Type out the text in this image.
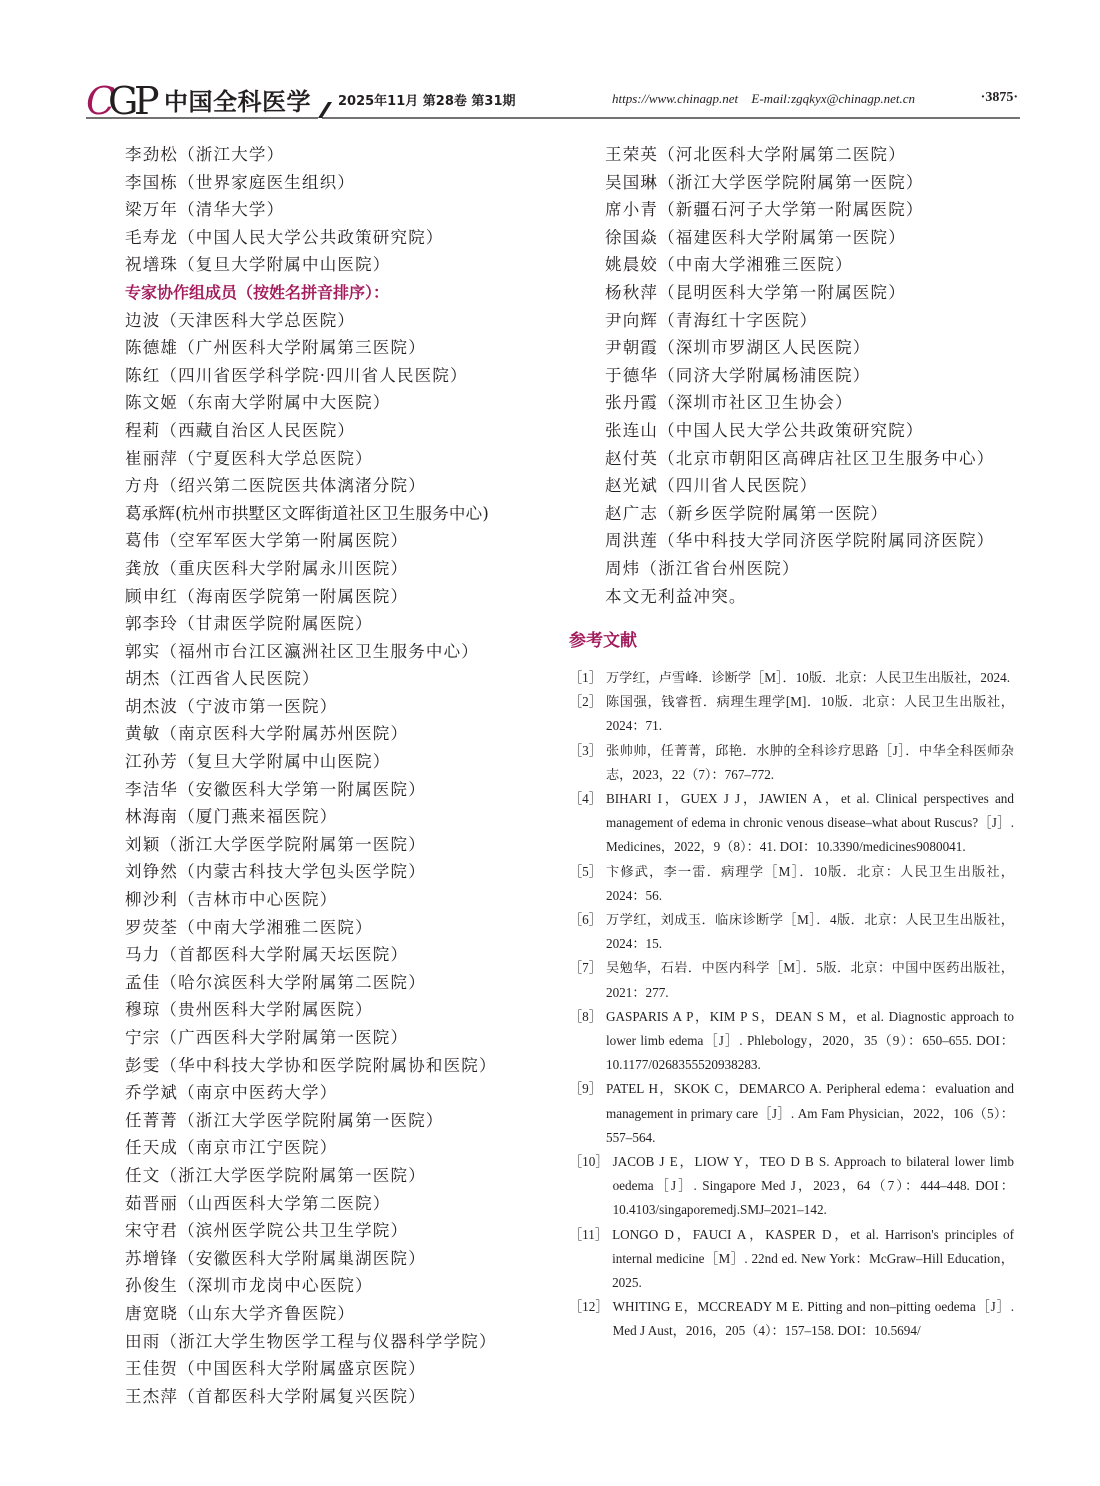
C
G
P 中国全科医学 2025年11月 第28卷 第31期	https://www.chinagp.net E-mail:zgqkyx@chinagp.net.cn	·3875·
李劲松（浙江大学）
李国栋（世界家庭医生组织）
梁万年（清华大学）
毛寿龙（中国人民大学公共政策研究院）
祝墡珠（复旦大学附属中山医院）
专家协作组成员（按姓名拼音排序）：
边波（天津医科大学总医院）
陈德雄（广州医科大学附属第三医院）
陈红（四川省医学科学院·四川省人民医院）
陈文姬（东南大学附属中大医院）
程莉（西藏自治区人民医院）
崔丽萍（宁夏医科大学总医院）
方舟（绍兴第二医院医共体漓渚分院）
葛承辉(杭州市拱墅区文晖街道社区卫生服务中心)
葛伟（空军军医大学第一附属医院）
龚放（重庆医科大学附属永川医院）
顾申红（海南医学院第一附属医院）
郭李玲（甘肃医学院附属医院）
郭实（福州市台江区瀛洲社区卫生服务中心）
胡杰（江西省人民医院）
胡杰波（宁波市第一医院）
黄敏（南京医科大学附属苏州医院）
江孙芳（复旦大学附属中山医院）
李洁华（安徽医科大学第一附属医院）
林海南（厦门燕来福医院）
刘颖（浙江大学医学院附属第一医院）
刘铮然（内蒙古科技大学包头医学院）
柳沙利（吉林市中心医院）
罗荧荃（中南大学湘雅二医院）
马力（首都医科大学附属天坛医院）
孟佳（哈尔滨医科大学附属第二医院）
穆琼（贵州医科大学附属医院）
宁宗（广西医科大学附属第一医院）
彭雯（华中科技大学协和医学院附属协和医院）
乔学斌（南京中医药大学）
任菁菁（浙江大学医学院附属第一医院）
任天成（南京市江宁医院）
任文（浙江大学医学院附属第一医院）
茹晋丽（山西医科大学第二医院）
宋守君（滨州医学院公共卫生学院）
苏增锋（安徽医科大学附属巢湖医院）
孙俊生（深圳市龙岗中心医院）
唐宽晓（山东大学齐鲁医院）
田雨（浙江大学生物医学工程与仪器科学学院）
王佳贺（中国医科大学附属盛京医院）
王杰萍（首都医科大学附属复兴医院）
王荣英（河北医科大学附属第二医院）
吴国琳（浙江大学医学院附属第一医院）
席小青（新疆石河子大学第一附属医院）
徐国焱（福建医科大学附属第一医院）
姚晨姣（中南大学湘雅三医院）
杨秋萍（昆明医科大学第一附属医院）
尹向辉（青海红十字医院）
尹朝霞（深圳市罗湖区人民医院）
于德华（同济大学附属杨浦医院）
张丹霞（深圳市社区卫生协会）
张连山（中国人民大学公共政策研究院）
赵付英（北京市朝阳区高碑店社区卫生服务中心）
赵光斌（四川省人民医院）
赵广志（新乡医学院附属第一医院）
周洪莲（华中科技大学同济医学院附属同济医院）
周炜（浙江省台州医院）
本文无利益冲突。
参考文献
［1］ 万学红，卢雪峰．诊断学［M］．10版．北京：人民卫生出版社，2024.
［2］ 陈国强，钱睿哲．病理生理学[M]．10版．北京：人民卫生出版社，2024：71.
［3］ 张帅帅，任菁菁，邱艳．水肿的全科诊疗思路［J］．中华全科医师杂志，2023，22（7）：767–772.
［4］ BIHARI I，GUEX J J，JAWIEN A，et al. Clinical perspectives and management of edema in chronic venous disease–what about Ruscus?［J］. Medicines，2022，9（8）：41. DOI：10.3390/medicines9080041.
［5］ 卞修武，李一雷．病理学［M］．10版．北京：人民卫生出版社，2024：56.
［6］ 万学红，刘成玉．临床诊断学［M］．4版．北京：人民卫生出版社，2024：15.
［7］ 吴勉华，石岩．中医内科学［M］．5版．北京：中国中医药出版社，2021：277.
［8］ GASPARIS A P，KIM P S，DEAN S M，et al. Diagnostic approach to lower limb edema［J］. Phlebology，2020，35（9）：650–655. DOI：10.1177/0268355520938283.
［9］ PATEL H，SKOK C，DEMARCO A. Peripheral edema：evaluation and management in primary care［J］. Am Fam Physician，2022，106（5）：557–564.
［10］ JACOB J E，LIOW Y，TEO D B S. Approach to bilateral lower limb oedema［J］. Singapore Med J，2023，64（7）：444–448. DOI：10.4103/singaporemedj.SMJ–2021–142.
［11］ LONGO D，FAUCI A，KASPER D，et al. Harrison's principles of internal medicine［M］. 22nd ed. New York：McGraw–Hill Education，2025.
［12］ WHITING E，MCCREADY M E. Pitting and non–pitting oedema［J］. Med J Aust，2016，205（4）：157–158. DOI：10.5694/
